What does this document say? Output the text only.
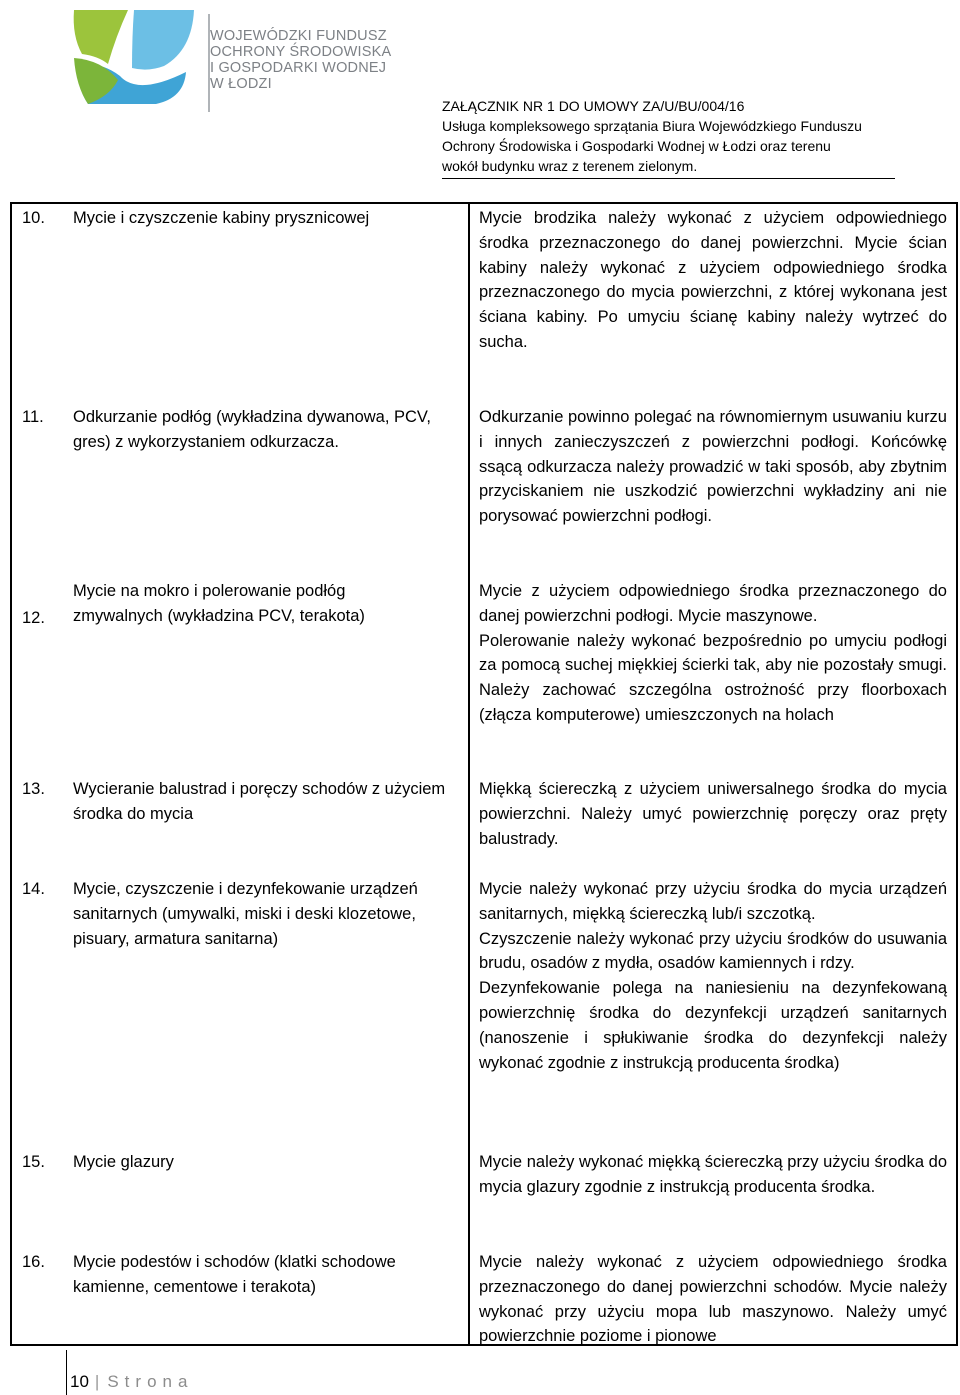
WOJEWÓDZKI FUNDUSZ
OCHRONY ŚRODOWISKA
I GOSPODARKI WODNEJ
W ŁODZI
ZAŁĄCZNIK NR 1 DO UMOWY ZA/U/BU/004/16
Usługa kompleksowego sprzątania Biura Wojewódzkiego Funduszu
Ochrony Środowiska i Gospodarki Wodnej w Łodzi oraz terenu
wokół budynku wraz z terenem zielonym.
10. Mycie i czyszczenie kabiny prysznicowej	Mycie brodzika należy wykonać z użyciem odpowiedniego środka przeznaczonego do danej powierzchni. Mycie ścian kabiny należy wykonać z użyciem odpowiedniego środka przeznaczonego do mycia powierzchni, z której wykonana jest ściana kabiny. Po umyciu ścianę kabiny należy wytrzeć do sucha.

11. Odkurzanie podłóg (wykładzina dywanowa, PCV, gres) z wykorzystaniem odkurzacza.

Odkurzanie powinno polegać na równomiernym usuwaniu kurzu i innych zanieczyszczeń z powierzchni podłogi. Końcówkę ssącą odkurzacza należy prowadzić w taki sposób, aby zbytnim przyciskaniem nie uszkodzić powierzchni wykładziny ani nie porysować powierzchni podłogi.

12.
Mycie na mokro i polerowanie podłóg zmywalnych (wykładzina PCV, terakota)

Mycie z użyciem odpowiedniego środka przeznaczonego do danej powierzchni podłogi. Mycie maszynowe.

Polerowanie należy wykonać bezpośrednio po umyciu podłogi za pomocą suchej miękkiej ścierki tak, aby nie pozostały smugi. Należy zachować szczególna ostrożność przy floorboxach (złącza komputerowe) umieszczonych na holach

13. Wycieranie balustrad i poręczy schodów z użyciem środka do mycia

Miękką ściereczką z użyciem uniwersalnego środka do mycia powierzchni. Należy umyć powierzchnię poręczy oraz pręty balustrady.

14. Mycie, czyszczenie i dezynfekowanie urządzeń sanitarnych (umywalki, miski i deski klozetowe, pisuary, armatura sanitarna)

Mycie należy wykonać przy użyciu środka do mycia urządzeń sanitarnych, miękką ściereczką lub/i szczotką.

Czyszczenie należy wykonać przy użyciu środków do usuwania brudu, osadów z mydła, osadów kamiennych i rdzy.

Dezynfekowanie polega na naniesieniu na dezynfekowaną powierzchnię środka do dezynfekcji urządzeń sanitarnych (nanoszenie i spłukiwanie środka do dezynfekcji należy wykonać zgodnie z instrukcją producenta środka)

15. Mycie glazury	Mycie należy wykonać miękką ściereczką przy użyciu środka do mycia glazury zgodnie z instrukcją producenta środka.

16. Mycie podestów i schodów (klatki schodowe kamienne, cementowe i terakota)

Mycie należy wykonać z użyciem odpowiedniego środka przeznaczonego do danej powierzchni schodów. Mycie należy wykonać przy użyciu mopa lub maszynowo. Należy umyć powierzchnie poziome i pionowe

10 | Strona
